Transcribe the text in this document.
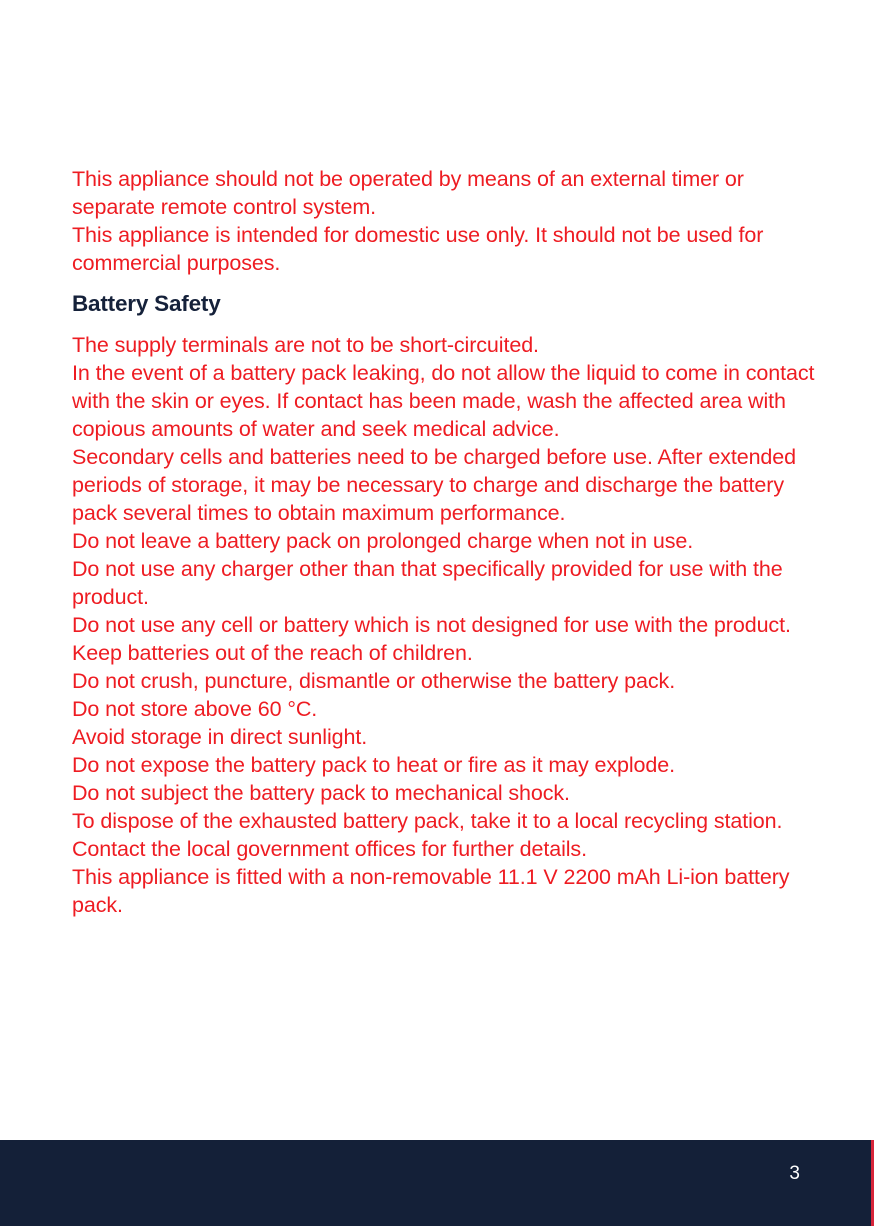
This appliance should not be operated by means of an external timer or separate remote control system.

This appliance is intended for domestic use only. It should not be used for commercial purposes.

Battery Safety

The supply terminals are not to be short-circuited.

In the event of a battery pack leaking, do not allow the liquid to come in contact with the skin or eyes. If contact has been made, wash the affected area with copious amounts of water and seek medical advice.

Secondary cells and batteries need to be charged before use. After extended periods of storage, it may be necessary to charge and discharge the battery pack several times to obtain maximum performance.

Do not leave a battery pack on prolonged charge when not in use.

Do not use any charger other than that specifically provided for use with the product.

Do not use any cell or battery which is not designed for use with the product.

Keep batteries out of the reach of children.

Do not crush, puncture, dismantle or otherwise the battery pack.

Do not store above 60 °C.

Avoid storage in direct sunlight.

Do not expose the battery pack to heat or fire as it may explode.

Do not subject the battery pack to mechanical shock.

To dispose of the exhausted battery pack, take it to a local recycling station. Contact the local government offices for further details.

This appliance is fitted with a non-removable 11.1 V 2200 mAh Li-ion battery pack.

3
